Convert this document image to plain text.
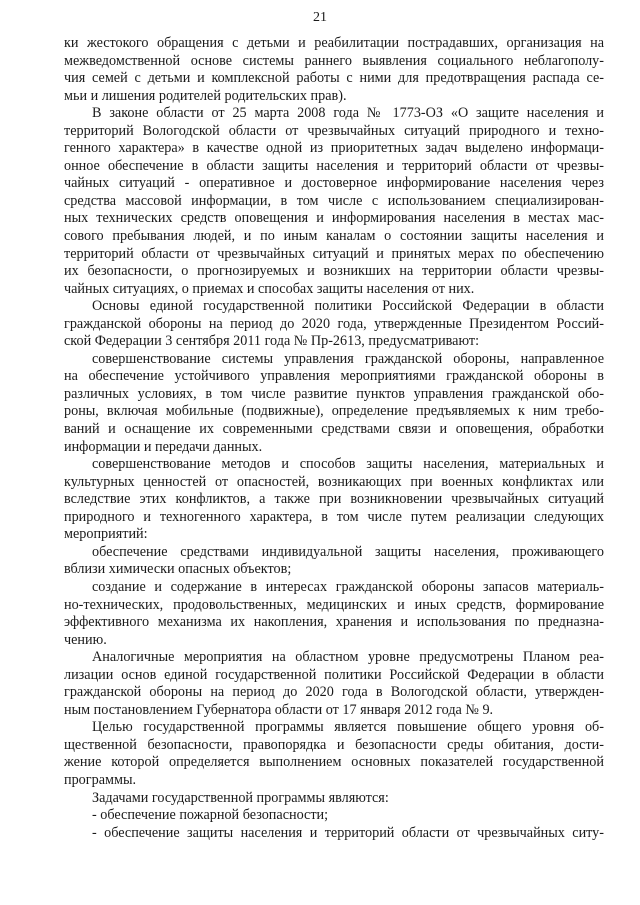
21
ки жестокого обращения с детьми и реабилитации пострадавших, организация на
межведомственной основе системы раннего выявления социального неблагополу-
чия семей с детьми и комплексной работы с ними для предотвращения распада се-
мьи и лишения родителей родительских прав).
В законе области от 25 марта 2008 года № 1773-ОЗ «О защите населения и
территорий Вологодской области от чрезвычайных ситуаций природного и техно-
генного характера» в качестве одной из приоритетных задач выделено информаци-
онное обеспечение в области защиты населения и территорий области от чрезвы-
чайных ситуаций - оперативное и достоверное информирование населения через
средства массовой информации, в том числе с использованием специализирован-
ных технических средств оповещения и информирования населения в местах мас-
сового пребывания людей, и по иным каналам о состоянии защиты населения и
территорий области от чрезвычайных ситуаций и принятых мерах по обеспечению
их безопасности, о прогнозируемых и возникших на территории области чрезвы-
чайных ситуациях, о приемах и способах защиты населения от них.
Основы единой государственной политики Российской Федерации в области
гражданской обороны на период до 2020 года, утвержденные Президентом Россий-
ской Федерации 3 сентября 2011 года № Пр-2613, предусматривают:
совершенствование системы управления гражданской обороны, направленное
на обеспечение устойчивого управления мероприятиями гражданской обороны в
различных условиях, в том числе развитие пунктов управления гражданской обо-
роны, включая мобильные (подвижные), определение предъявляемых к ним требо-
ваний и оснащение их современными средствами связи и оповещения, обработки
информации и передачи данных.
совершенствование методов и способов защиты населения, материальных и
культурных ценностей от опасностей, возникающих при военных конфликтах или
вследствие этих конфликтов, а также при возникновении чрезвычайных ситуаций
природного и техногенного характера, в том числе путем реализации следующих
мероприятий:
обеспечение средствами индивидуальной защиты населения, проживающего
вблизи химически опасных объектов;
создание и содержание в интересах гражданской обороны запасов материаль-
но-технических, продовольственных, медицинских и иных средств, формирование
эффективного механизма их накопления, хранения и использования по предназна-
чению.
Аналогичные мероприятия на областном уровне предусмотрены Планом реа-
лизации основ единой государственной политики Российской Федерации в области
гражданской обороны на период до 2020 года в Вологодской области, утвержден-
ным постановлением Губернатора области от 17 января 2012 года № 9.
Целью государственной программы является повышение общего уровня об-
щественной безопасности, правопорядка и безопасности среды обитания, дости-
жение которой определяется выполнением основных показателей государственной
программы.
Задачами государственной программы являются:
- обеспечение пожарной безопасности;
- обеспечение защиты населения и территорий области от чрезвычайных ситу-
